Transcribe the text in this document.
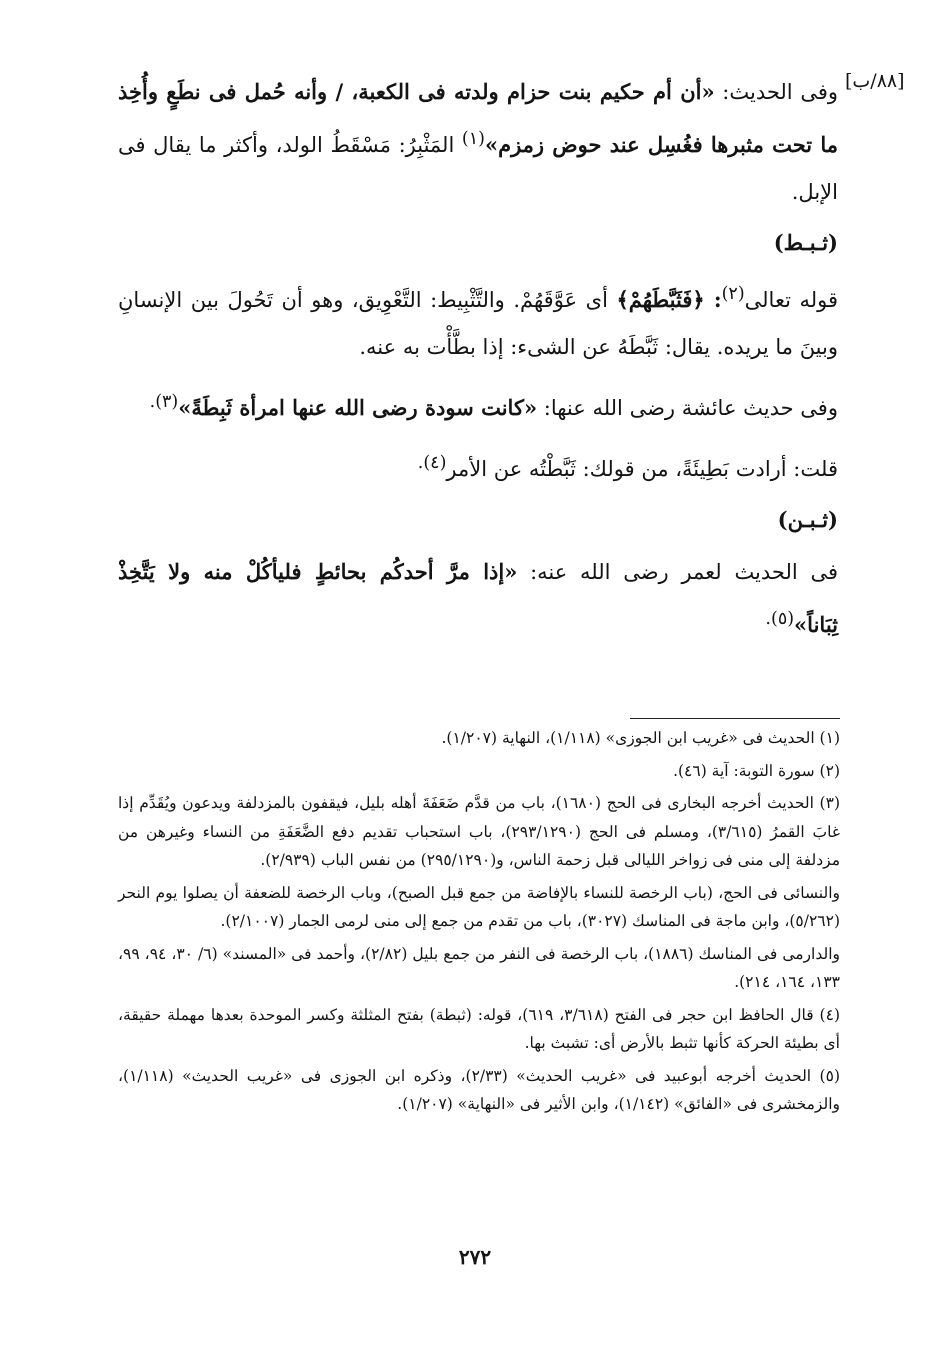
[٨٨/ب]

وفى الحديث: «أن أم حكيم بنت حزام ولدته فى الكعبة، / وأنه حُمل فى نطَعٍ وأُخِذ ما تحت مثبرها فغُسِل عند حوض زمزم»$^{(١)}$ المَثْبِرُ: مَسْقَطُ الولد، وأكثر ما يقال فى الإبل.

(ثـبـط)

قوله تعالى$^{(٢)}$: ﴿فَثَبَّطَهُمْ﴾ أى عَوَّقَهُمْ. والتَّثْبِيط: التَّعْوِيق، وهو أن تَحُولَ بين الإنسانِ وبينَ ما يريده. يقال: ثَبَّطَهُ عن الشىء: إذا بطَّأْت به عنه.

وفى حديث عائشة رضى الله عنها: «كانت سودة رضى الله عنها امرأة ثَبِطَةً»$^{(٣).}$

قلت: أرادت بَطِيئَةً، من قولك: ثَبَّطْتُه عن الأمر$^{(٤).}$

(ثـبـن)

فى الحديث لعمر رضى الله عنه: «إذا مرَّ أحدكُم بحائطٍ فليأكُلْ منه ولا يَتَّخِذْ ثِبَاناً»$^{(٥).}$

(١) الحديث فى «غريب ابن الجوزى» (١/١١٨)، النهاية (١/٢٠٧).

(٢) سورة التوبة: آية (٤٦).

(٣) الحديث أخرجه البخارى فى الحج (١٦٨٠)، باب من قدَّم ضَعَفَةَ أهله بليل، فيقفون بالمزدلفة ويدعون ويُقَدِّم إذا غابَ القمرُ (٣/٦١٥)، ومسلم فى الحج (٢٩٣/١٢٩٠)، باب استحباب تقديم دفع الضَّعَفَةِ من النساء وغيرهن من مزدلفة إلى منى فى زواخر الليالى قبل زحمة الناس، و(٢٩٥/١٢٩٠) من نفس الباب (٢/٩٣٩).

والنسائى فى الحج، (باب الرخصة للنساء بالإفاضة من جمع قبل الصبح)، وباب الرخصة للضعفة أن يصلوا يوم النحر (٥/٢٦٢)، وابن ماجة فى المناسك (٣٠٢٧)، باب من تقدم من جمع إلى منى لرمى الجمار (٢/١٠٠٧).

والدارمى فى المناسك (١٨٨٦)، باب الرخصة فى النفر من جمع بليل (٢/٨٢)، وأحمد فى «المسند» (٦/ ٣٠، ٩٤، ٩٩، ١٣٣، ١٦٤، ٢١٤).

(٤) قال الحافظ ابن حجر فى الفتح (٣/٦١٨، ٦١٩)، قوله: (ثبطة) بفتح المثلثة وكسر الموحدة بعدها مهملة حقيقة، أى بطيئة الحركة كأنها تثبط بالأرض أى: تشبث بها.

(٥) الحديث أخرجه أبوعبيد فى «غريب الحديث» (٢/٣٣)، وذكره ابن الجوزى فى «غريب الحديث» (١/١١٨)، والزمخشرى فى «الفائق» (١/١٤٢)، وابن الأثير فى «النهاية» (١/٢٠٧).

٢٧٢
